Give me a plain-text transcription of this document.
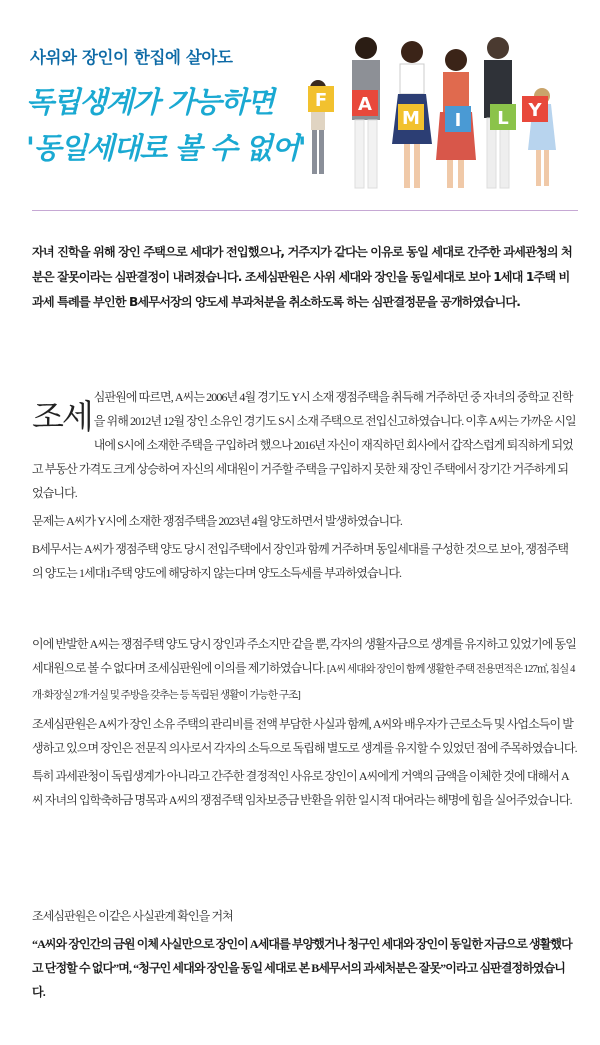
사위와 장인이 한집에 살아도
독립생계가 가능하면
'동일세대로 볼 수 없어'
F A
M I L Y
자녀 진학을 위해 장인 주택으로 세대가 전입했으나, 거주지가 같다는 이유로 동일 세대로 간주한 과세관청의 처분은 잘못이라는 심판결정이 내려졌습니다. 조세심판원은 사위 세대와 장인을 동일세대로 보아 1세대 1주택 비과세 특례를 부인한 B세무서장의 양도세 부과처분을 취소하도록 하는 심판결정문을 공개하였습니다.

조세 심판원에 따르면, A씨는 2006년 4월 경기도 Y시 소재 쟁점주택을 취득해 거주하던 중 자녀의 중학교 진학을 위해 2012년 12월 장인 소유인 경기도 S시 소재 주택으로 전입신고하였습니다. 이후 A씨는 가까운 시일내에 S시에 소재한 주택을 구입하려 했으나 2016년 자신이 재직하던 회사에서 갑작스럽게 퇴직하게 되었고 부동산 가격도 크게 상승하여 자신의 세대원이 거주할 주택을 구입하지 못한 채 장인 주택에서 장기간 거주하게 되었습니다.

문제는 A씨가 Y시에 소재한 쟁점주택을 2023년 4월 양도하면서 발생하였습니다.

B세무서는 A씨가 쟁점주택 양도 당시 전입주택에서 장인과 함께 거주하며 동일세대를 구성한 것으로 보아, 쟁점주택의 양도는 1세대1주택 양도에 해당하지 않는다며 양도소득세를 부과하였습니다.

이에 반발한 A씨는 쟁점주택 양도 당시 장인과 주소지만 같을 뿐, 각자의 생활자금으로 생계를 유지하고 있었기에 동일세대원으로 볼 수 없다며 조세심판원에 이의를 제기하였습니다. [A씨 세대와 장인이 함께 생활한 주택 전용면적은 127㎡, 침실 4개·화장실 2개·거실 및 주방을 갖추는 등 독립된 생활이 가능한 구조]

조세심판원은 A씨가 장인 소유 주택의 관리비를 전액 부담한 사실과 함께, A씨와 배우자가 근로소득 및 사업소득이 발생하고 있으며 장인은 전문직 의사로서 각자의 소득으로 독립해 별도로 생계를 유지할 수 있었던 점에 주목하였습니다.

특히 과세관청이 독립생계가 아니라고 간주한 결정적인 사유로 장인이 A씨에게 거액의 금액을 이체한 것에 대해서 A씨 자녀의 입학축하금 명목과 A씨의 쟁점주택 임차보증금 반환을 위한 일시적 대여라는 해명에 힘을 실어주었습니다.

조세심판원은 이같은 사실관계 확인을 거쳐

“A씨와 장인간의 금원 이체 사실만으로 장인이 A세대를 부양했거나 청구인 세대와 장인이 동일한 자금으로 생활했다고 단정할 수 없다”며, “청구인 세대와 장인을 동일 세대로 본 B세무서의 과세처분은 잘못”이라고 심판결정하였습니다.
